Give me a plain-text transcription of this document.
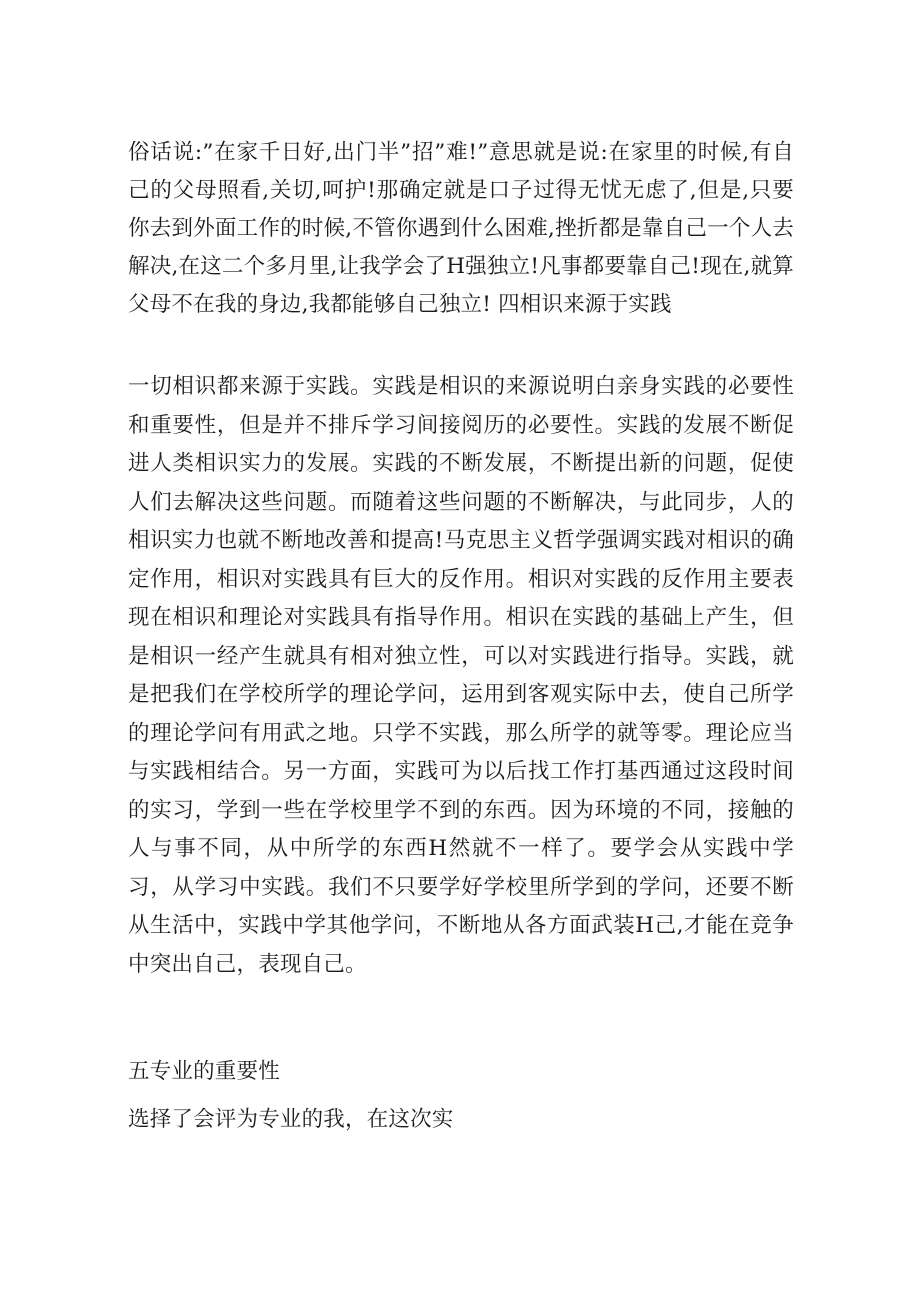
俗话说:”在家千日好,出门半”招”难!”意思就是说:在家里的时候,有自己的父母照看,关切,呵护!那确定就是口子过得无忧无虑了,但是,只要你去到外面工作的时候,不管你遇到什么困难,挫折都是靠自己一个人去解决,在这二个多月里,让我学会了H强独立!凡事都要靠自己!现在,就算父母不在我的身边,我都能够自己独立! 四相识来源于实践

一切相识都来源于实践。实践是相识的来源说明白亲身实践的必要性和重要性，但是并不排斥学习间接阅历的必要性。实践的发展不断促进人类相识实力的发展。实践的不断发展，不断提出新的问题，促使人们去解决这些问题。而随着这些问题的不断解决，与此同步，人的相识实力也就不断地改善和提高!马克思主义哲学强调实践对相识的确定作用，相识对实践具有巨大的反作用。相识对实践的反作用主要表现在相识和理论对实践具有指导作用。相识在实践的基础上产生，但是相识一经产生就具有相对独立性，可以对实践进行指导。实践，就是把我们在学校所学的理论学问，运用到客观实际中去，使自己所学的理论学问有用武之地。只学不实践，那么所学的就等零。理论应当与实践相结合。另一方面，实践可为以后找工作打基西通过这段时间的实习，学到一些在学校里学不到的东西。因为环境的不同，接触的人与事不同，从中所学的东西H然就不一样了。要学会从实践中学习，从学习中实践。我们不只要学好学校里所学到的学问，还要不断从生活中，实践中学其他学问，不断地从各方面武装H己,才能在竞争中突出自己，表现自己。

五专业的重要性

选择了会评为专业的我，在这次实
